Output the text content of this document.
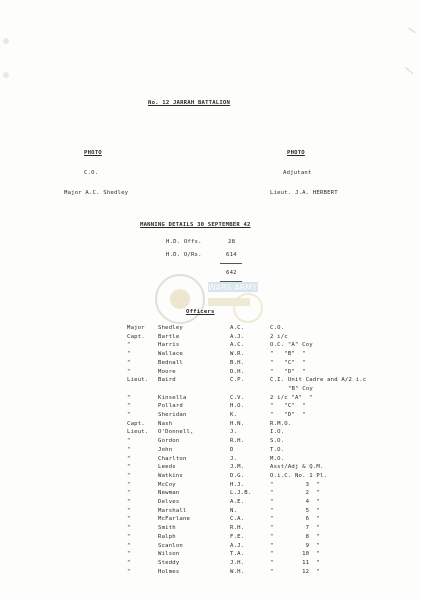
No. 12 JARRAH BATTALION
PHOTO
C.O.
Major A.C. Shedley
PHOTO
Adjutant
Lieut. J.A. HERBERT
MANNING DETAILS 30 SEPTEMBER 42
H.D. Offs.	28
H.D. O/Rs.	614
642
WARS ARMY
Officers
Major Shedley	A.C.	C.O.
Capt. Bartle	A.J.	2 i/c
"	Harris	A.C.	O.C. "A" Coy
"	Wallace	W.R.	"   "B"  "
"	Bednall	B.H.	"   "C"  "
"	Moore	D.H.	"   "D"  "
Lieut. Baird	C.P.	C.I. Unit Cadre and A/2 i.c
"B" Coy
"	Kinsella	C.V.	2 i/c "A"  "
"	Pollard	H.O.	"   "C"  "
"	Sheridan	K.	"   "D"  "
Capt. Nash	H.N.	R.M.O.
Lieut. O'Donnell,	J.	I.O.
"	Gordon	R.H.	S.O.
"	John	D	T.O.
"	Charlton	J.	M.O.
"	Leeds	J.M.	Asst/Adj & Q.M.
"	Watkins	D.G.	O.i.C. No. 1 Pl.
"	McCoy	H.J.	"         3  "
"	Newman	L.J.B.	"         2  "
"	Delves	A.E.	"         4  "
"	Marshall	N.	"         5  "
"	McFarlane	C.A.	"         6  "
"	Smith	R.H.	"         7  "
"	Ralph	F.E.	"         8  "
"	Scanlon	A.J.	"         9  "
"	Wilson	T.A.	"        10  "
"	Steddy	J.H.	"        11  "
"	Holmes	W.H.	"        12  "
